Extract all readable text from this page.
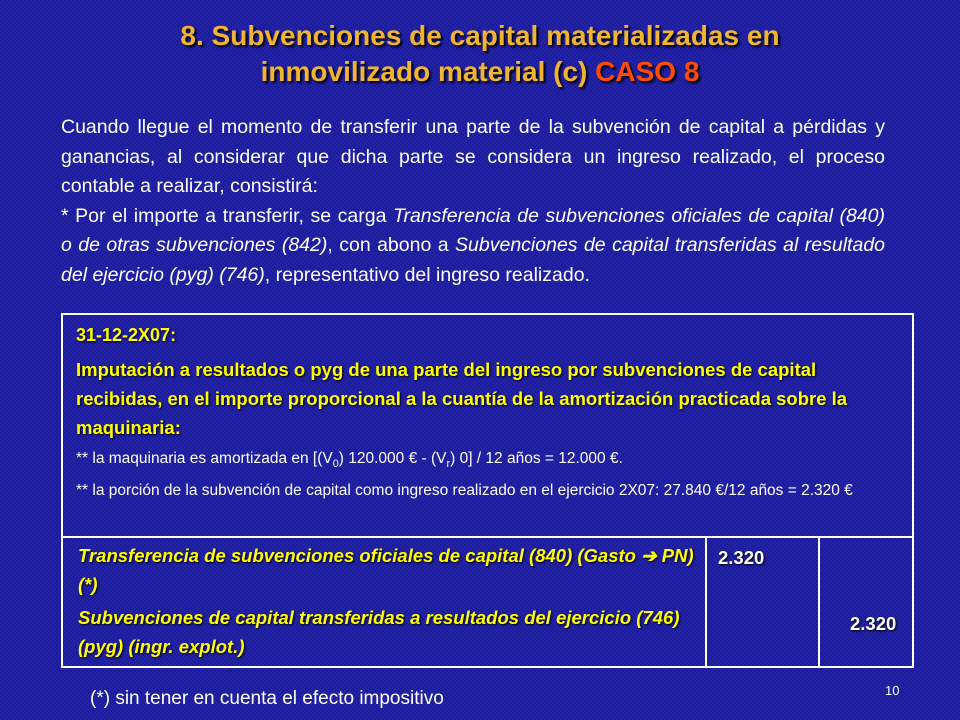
8. Subvenciones de capital materializadas en
inmovilizado material (c) CASO 8

Cuando llegue el momento de transferir una parte de la subvención de capital a pérdidas y ganancias, al considerar que dicha parte se considera un ingreso realizado, el proceso contable a realizar, consistirá:

* Por el importe a transferir, se carga Transferencia de subvenciones oficiales de capital (840) o de otras subvenciones (842), con abono a Subvenciones de capital transferidas al resultado del ejercicio (pyg) (746), representativo del ingreso realizado.

31-12-2X07:
Imputación a resultados o pyg de una parte del ingreso por subvenciones de capital recibidas, en el importe proporcional a la cuantía de la amortización practicada sobre la maquinaria:
** la maquinaria es amortizada en [$(V_0)$ 120.000 € - $(V_r)$ 0] / 12 años = 12.000 €.
** la porción de la subvención de capital como ingreso realizado en el ejercicio 2X07: 27.840 €/12 años = 2.320 €
Transferencia de subvenciones oficiales de capital (840) (Gasto ➔ PN) (*)
2.320
Subvenciones de capital transferidas a resultados del ejercicio (746) (pyg) (ingr. explot.)
2.320
(*) sin tener en cuenta el efecto impositivo	10
